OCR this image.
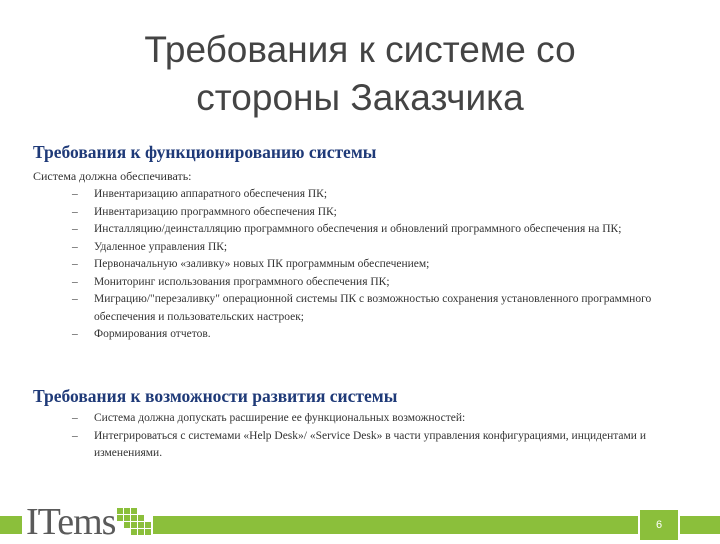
Требования к системе со
стороны Заказчика
Требования к функционированию системы
Система должна обеспечивать:
– Инвентаризацию аппаратного обеспечения ПК;
– Инвентаризацию программного обеспечения ПК;
– Инсталляцию/деинсталляцию программного обеспечения и обновлений программного обеспечения на ПК;
– Удаленное управления ПК;
– Первоначальную «заливку» новых ПК программным обеспечением;
– Мониторинг использования программного обеспечения ПК;
– Миграцию/"перезаливку" операционной системы ПК с возможностью сохранения установленного программного обеспечения и пользовательских настроек;
– Формирования отчетов.
Требования к возможности развития системы
– Система должна допускать расширение ее функциональных возможностей:
– Интегрироваться с системами «Help Desk»/ «Service Desk» в части управления конфигурациями, инцидентами и изменениями.
ITems	6
